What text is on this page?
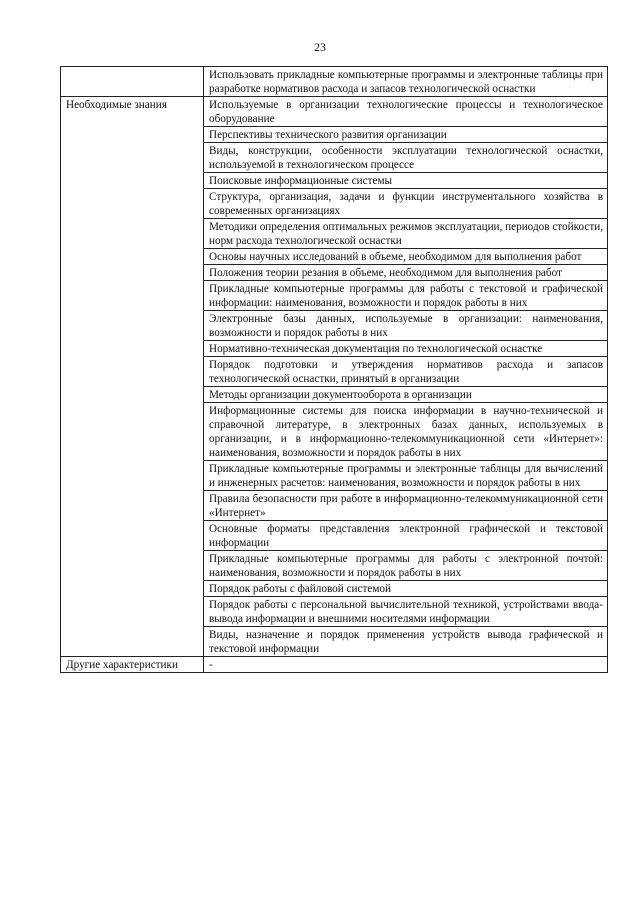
23
	Использовать прикладные компьютерные программы и электронные таблицы при разработке нормативов расхода и запасов технологической оснастки
Необходимые знания	Используемые в организации технологические процессы и технологическое оборудование
	Перспективы технического развития организации
	Виды, конструкции, особенности эксплуатации технологической оснастки, используемой в технологическом процессе
	Поисковые информационные системы
	Структура, организация, задачи и функции инструментального хозяйства в современных организациях
	Методики определения оптимальных режимов эксплуатации, периодов стойкости, норм расхода технологической оснастки
	Основы научных исследований в объеме, необходимом для выполнения работ
	Положения теории резания в объеме, необходимом для выполнения работ
	Прикладные компьютерные программы для работы с текстовой и графической информации: наименования, возможности и порядок работы в них
	Электронные базы данных, используемые в организации: наименования, возможности и порядок работы в них
	Нормативно-техническая документация по технологической оснастке
	Порядок подготовки и утверждения нормативов расхода и запасов технологической оснастки, принятый в организации
	Методы организации документооборота в организации
	Информационные системы для поиска информации в научно-технической и справочной литературе, в электронных базах данных, используемых в организации, и в информационно-телекоммуникационной сети «Интернет»: наименования, возможности и порядок работы в них
	Прикладные компьютерные программы и электронные таблицы для вычислений и инженерных расчетов: наименования, возможности и порядок работы в них
	Правила безопасности при работе в информационно-телекоммуникационной сети «Интернет»
	Основные форматы представления электронной графической и текстовой информации
	Прикладные компьютерные программы для работы с электронной почтой: наименования, возможности и порядок работы в них
	Порядок работы с файловой системой
	Порядок работы с персональной вычислительной техникой, устройствами ввода-вывода информации и внешними носителями информации
	Виды, назначение и порядок применения устройств вывода графической и текстовой информации
Другие характеристики	-
